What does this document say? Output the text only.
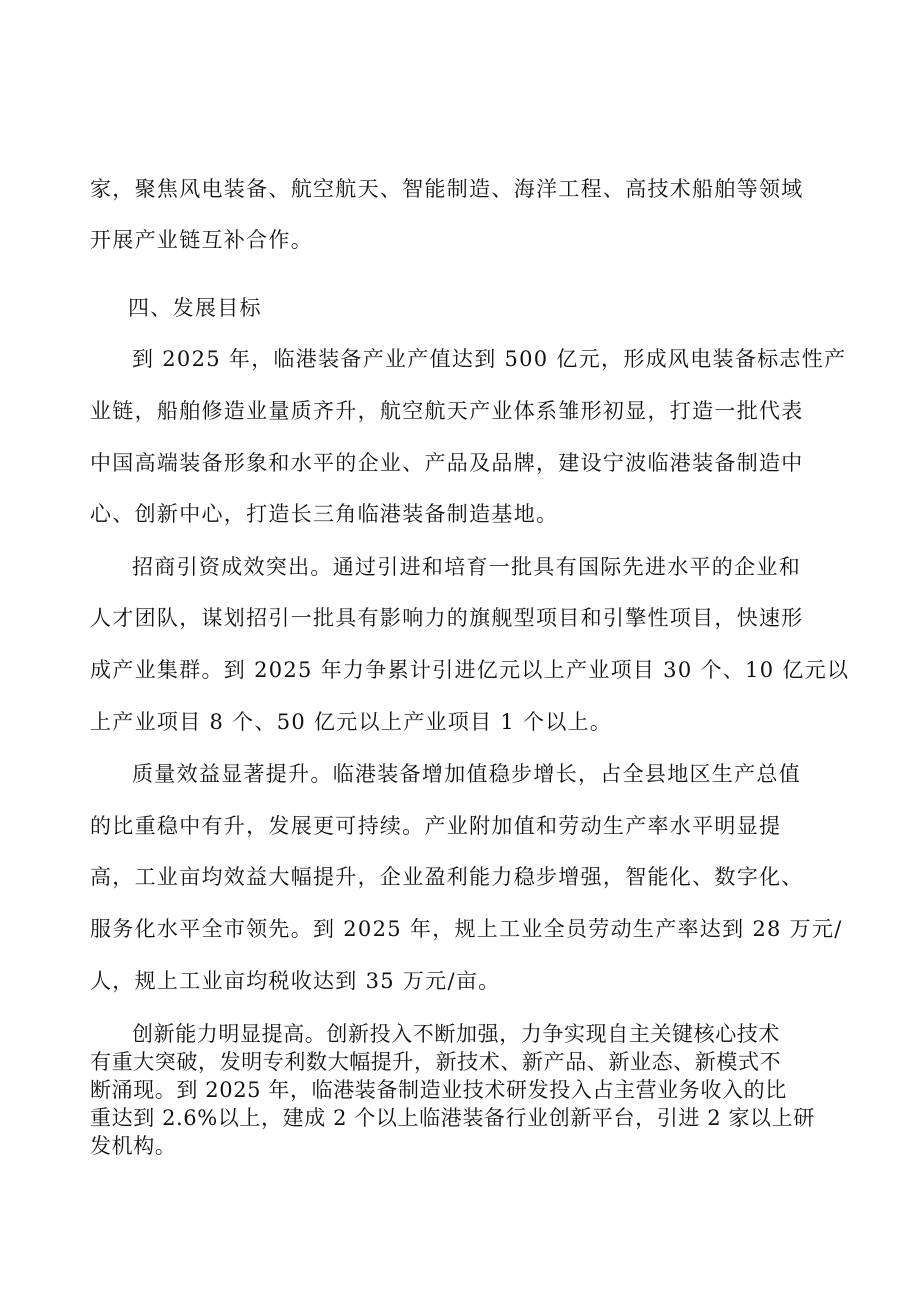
家，聚焦风电装备、航空航天、智能制造、海洋工程、高技术船舶等领域
开展产业链互补合作。
四、发展目标
到 2025 年，临港装备产业产值达到 500 亿元，形成风电装备标志性产
业链，船舶修造业量质齐升，航空航天产业体系雏形初显，打造一批代表
中国高端装备形象和水平的企业、产品及品牌，建设宁波临港装备制造中
心、创新中心，打造长三角临港装备制造基地。
招商引资成效突出。通过引进和培育一批具有国际先进水平的企业和
人才团队，谋划招引一批具有影响力的旗舰型项目和引擎性项目，快速形
成产业集群。到 2025 年力争累计引进亿元以上产业项目 30 个、10 亿元以
上产业项目 8 个、50 亿元以上产业项目 1 个以上。
质量效益显著提升。临港装备增加值稳步增长，占全县地区生产总值
的比重稳中有升，发展更可持续。产业附加值和劳动生产率水平明显提
高，工业亩均效益大幅提升，企业盈利能力稳步增强，智能化、数字化、
服务化水平全市领先。到 2025 年，规上工业全员劳动生产率达到 28 万元/
人，规上工业亩均税收达到 35 万元/亩。
创新能力明显提高。创新投入不断加强，力争实现自主关键核心技术
有重大突破，发明专利数大幅提升，新技术、新产品、新业态、新模式不
断涌现。到 2025 年，临港装备制造业技术研发投入占主营业务收入的比
重达到 2.6%以上，建成 2 个以上临港装备行业创新平台，引进 2 家以上研
发机构。
